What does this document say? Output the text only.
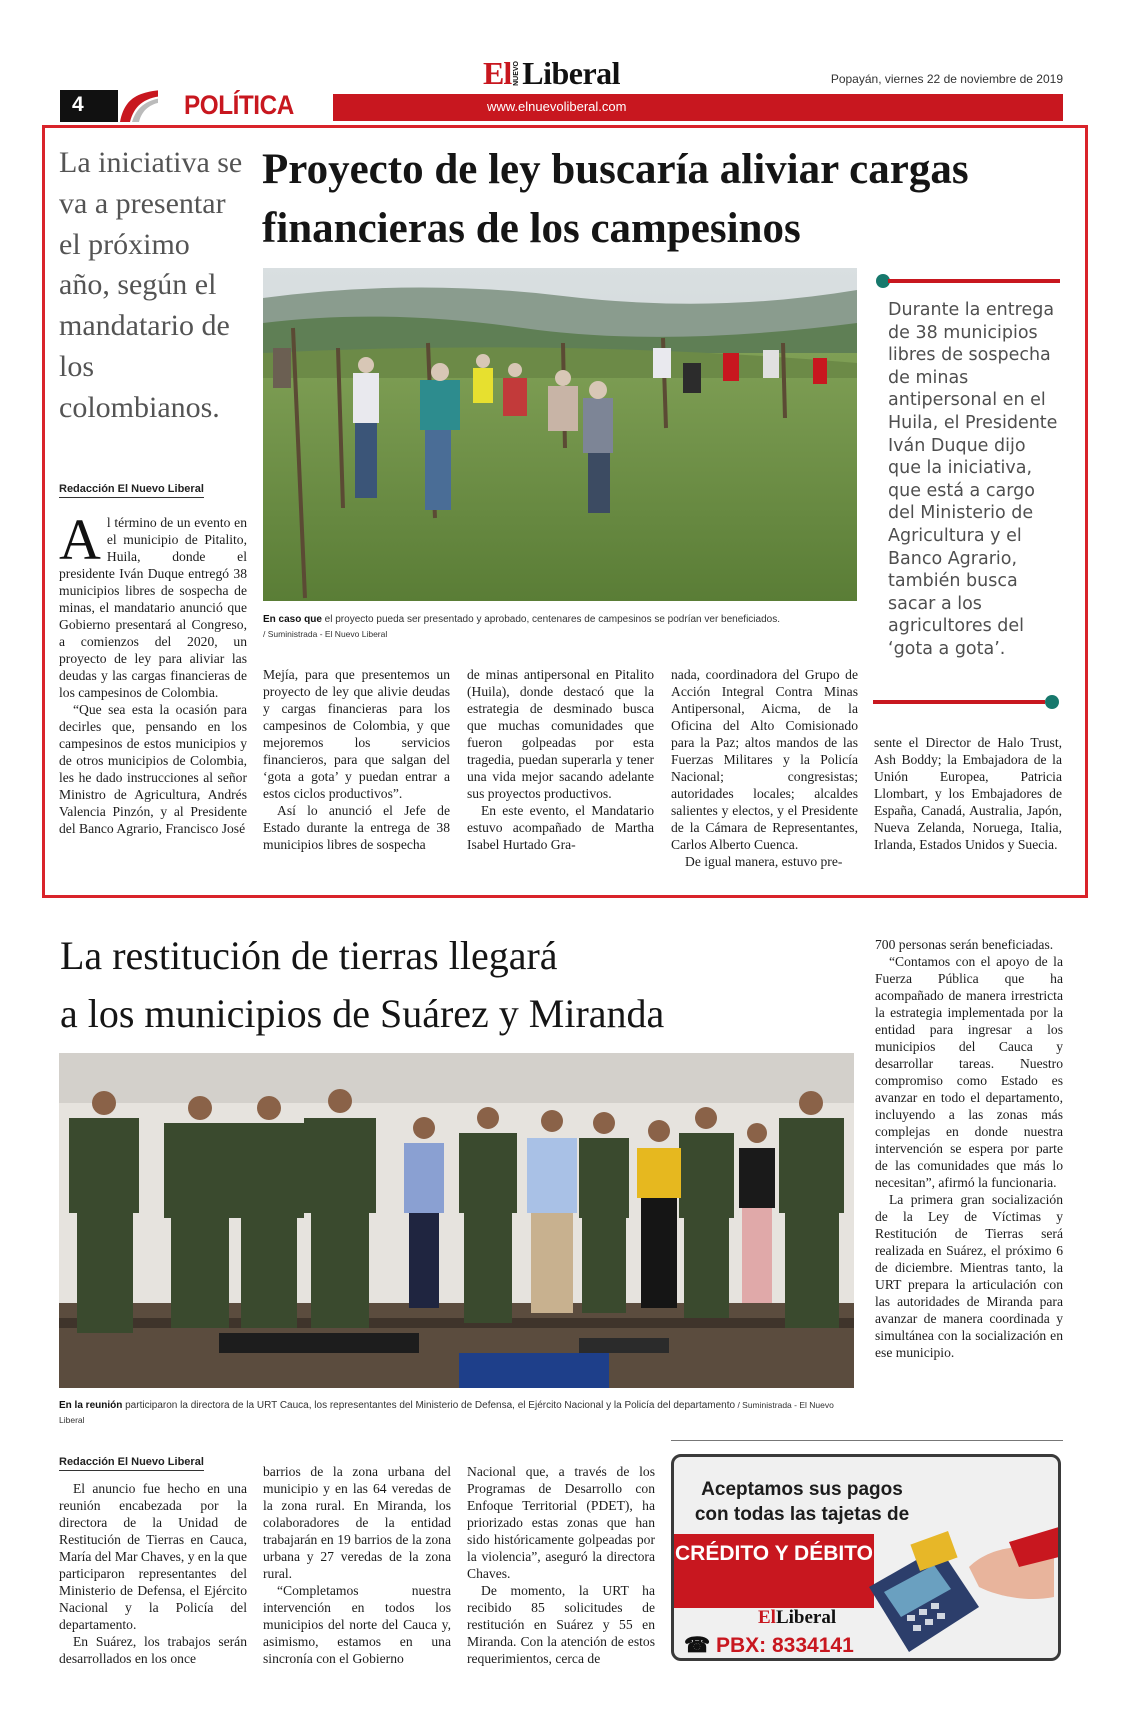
El NUEVO Liberal	Popayán, viernes 22 de noviembre de 2019
www.elnuevoliberal.com
4	POLÍTICA
La iniciativa se va a presentar el próximo año, según el mandatario de los colombianos.
Redacción El Nuevo Liberal
Proyecto de ley buscaría aliviar cargas financieras de los campesinos
En caso que el proyecto pueda ser presentado y aprobado, centenares de campesinos se podrían ver beneficiados.
/ Suministrada - El Nuevo Liberal
Durante la entrega de 38 municipios libres de sospecha de minas antipersonal en el Huila, el Presidente Iván Duque dijo que la iniciativa, que está a cargo del Ministerio de Agricultura y el Banco Agrario, también busca sacar a los agricultores del ‘gota a gota’.
A l término de un evento en el municipio de Pitalito, Huila, donde el presidente Iván Duque entregó 38 municipios libres de sospecha de minas, el mandatario anunció que Gobierno presentará al Congreso, a comienzos del 2020, un proyecto de ley para aliviar las deudas y las cargas financieras de los campesinos de Colombia.

“Que sea esta la ocasión para decirles que, pensando en los campesinos de estos municipios y de otros municipios de Colombia, les he dado instrucciones al señor Ministro de Agricultura, Andrés Valencia Pinzón, y al Presidente del Banco Agrario, Francisco José

Mejía, para que presentemos un proyecto de ley que alivie deudas y cargas financieras para los campesinos de Colombia, y que mejoremos los servicios financieros, para que salgan del ‘gota a gota’ y puedan entrar a estos ciclos productivos”.

Así lo anunció el Jefe de Estado durante la entrega de 38 municipios libres de sospecha

de minas antipersonal en Pitalito (Huila), donde destacó que la estrategia de desminado busca que muchas comunidades que fueron golpeadas por esta tragedia, puedan superarla y tener una vida mejor sacando adelante sus proyectos productivos.

En este evento, el Mandatario estuvo acompañado de Martha Isabel Hurtado Gra-

nada, coordinadora del Grupo de Acción Integral Contra Minas Antipersonal, Aicma, de la Oficina del Alto Comisionado para la Paz; altos mandos de las Fuerzas Militares y la Policía Nacional; congresistas; autoridades locales; alcaldes salientes y electos, y el Presidente de la Cámara de Representantes, Carlos Alberto Cuenca.

De igual manera, estuvo pre-

sente el Director de Halo Trust, Ash Boddy; la Embajadora de la Unión Europea, Patricia Llombart, y los Embajadores de España, Canadá, Australia, Japón, Nueva Zelanda, Noruega, Italia, Irlanda, Estados Unidos y Suecia.

La restitución de tierras llegará
a los municipios de Suárez y Miranda
En la reunión participaron la directora de la URT Cauca, los representantes del Ministerio de Defensa, el Ejército Nacional y la Policía del departamento / Suministrada - El Nuevo Liberal

700 personas serán beneficiadas.

“Contamos con el apoyo de la Fuerza Pública que ha acompañado de manera irrestricta la estrategia implementada por la entidad para ingresar a los municipios del Cauca y desarrollar tareas. Nuestro compromiso como Estado es avanzar en todo el departamento, incluyendo a las zonas más complejas en donde nuestra intervención se espera por parte de las comunidades que más lo necesitan”, afirmó la funcionaria.

La primera gran socialización de la Ley de Víctimas y Restitución de Tierras será realizada en Suárez, el próximo 6 de diciembre. Mientras tanto, la URT prepara la articulación con las autoridades de Miranda para avanzar de manera coordinada y simultánea con la socialización en ese municipio.

Redacción El Nuevo Liberal

El anuncio fue hecho en una reunión encabezada por la directora de la Unidad de Restitución de Tierras en Cauca, María del Mar Chaves, y en la que participaron representantes del Ministerio de Defensa, el Ejército Nacional y la Policía del departamento.

En Suárez, los trabajos serán desarrollados en los once

barrios de la zona urbana del municipio y en las 64 veredas de la zona rural. En Miranda, los colaboradores de la entidad trabajarán en 19 barrios de la zona urbana y 27 veredas de la zona rural.

“Completamos nuestra intervención en todos los municipios del norte del Cauca y, asimismo, estamos en una sincronía con el Gobierno

Nacional que, a través de los Programas de Desarrollo con Enfoque Territorial (PDET), ha priorizado estas zonas que han sido históricamente golpeadas por la violencia”, aseguró la directora Chaves.

De momento, la URT ha recibido 85 solicitudes de restitución en Suárez y 55 en Miranda. Con la atención de estos requerimientos, cerca de

Aceptamos sus pagos con todas las tajetas de
CRÉDITO Y DÉBITO
ElLiberal
☎ PBX: 8334141
